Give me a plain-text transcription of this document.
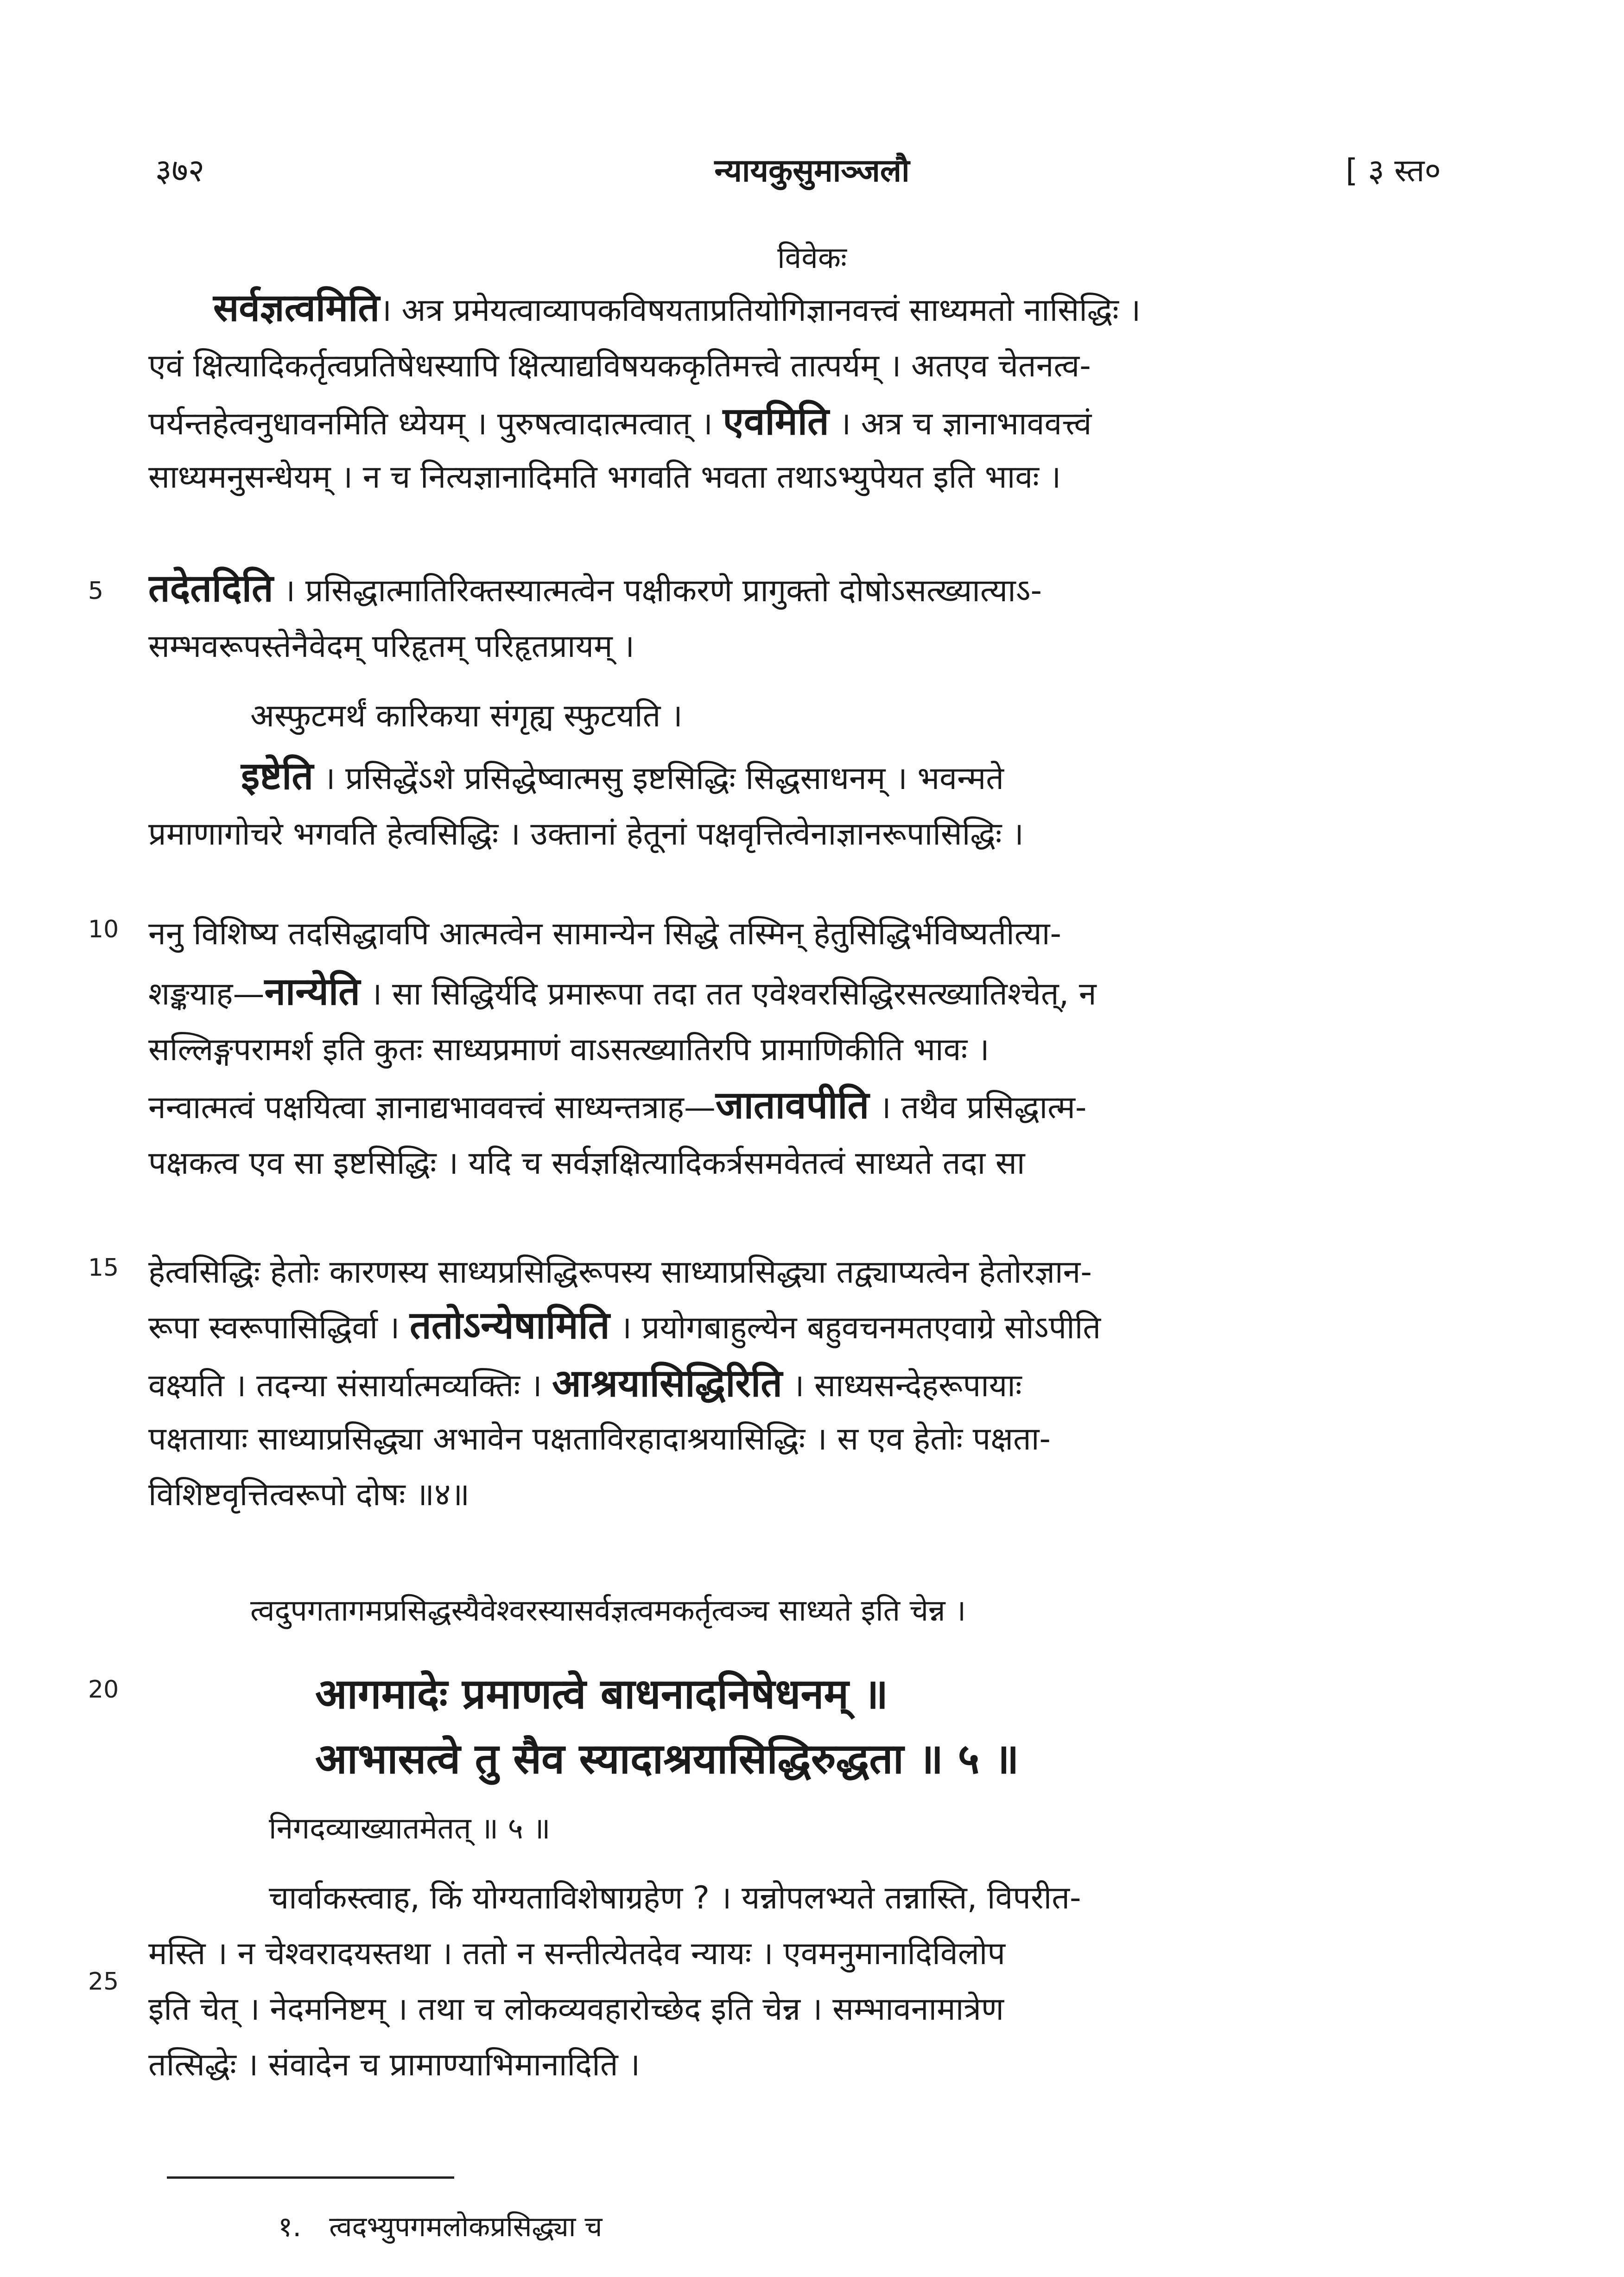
३७२	न्यायकुसुमाञ्जलौ	[ ३ स्त०
विवेकः
5
10
15
20
25
सर्वज्ञत्वमिति। अत्र प्रमेयत्वाव्यापकविषयताप्रतियोगिज्ञानवत्त्वं साध्यमतो नासिद्धिः ।
एवं क्षित्यादिकर्तृत्वप्रतिषेधस्यापि क्षित्याद्यविषयककृतिमत्त्वे तात्पर्यम् । अतएव चेतनत्व-
पर्यन्तहेत्वनुधावनमिति ध्येयम् । पुरुषत्वादात्मत्वात् । एवमिति । अत्र च ज्ञानाभाववत्त्वं
साध्यमनुसन्धेयम् । न च नित्यज्ञानादिमति भगवति भवता तथाऽभ्युपेयत इति भावः ।
तदेतदिति । प्रसिद्धात्मातिरिक्तस्यात्मत्वेन पक्षीकरणे प्रागुक्तो दोषोऽसत्ख्यात्याऽ-
सम्भवरूपस्तेनैवेदम् परिहृतम् परिहृतप्रायम् ।
अस्फुटमर्थं कारिकया संगृह्य स्फुटयति ।
इष्टेति । प्रसिद्धेंऽशे प्रसिद्धेष्वात्मसु इष्टसिद्धिः सिद्धसाधनम् । भवन्मते
प्रमाणागोचरे भगवति हेत्वसिद्धिः । उक्तानां हेतूनां पक्षवृत्तित्वेनाज्ञानरूपासिद्धिः ।
ननु विशिष्य तदसिद्धावपि आत्मत्वेन सामान्येन सिद्धे तस्मिन् हेतुसिद्धिर्भविष्यतीत्या-
शङ्कयाह—नान्येति । सा सिद्धिर्यदि प्रमारूपा तदा तत एवेश्वरसिद्धिरसत्ख्यातिश्चेत्, न
सल्लिङ्गपरामर्श इति कुतः साध्यप्रमाणं वाऽसत्ख्यातिरपि प्रामाणिकीति भावः ।
नन्वात्मत्वं पक्षयित्वा ज्ञानाद्यभाववत्त्वं साध्यन्तत्राह—जातावपीति । तथैव प्रसिद्धात्म-
पक्षकत्व एव सा इष्टसिद्धिः । यदि च सर्वज्ञक्षित्यादिकर्त्रसमवेतत्वं साध्यते तदा सा
हेत्वसिद्धिः हेतोः कारणस्य साध्यप्रसिद्धिरूपस्य साध्याप्रसिद्ध्या तद्व्याप्यत्वेन हेतोरज्ञान-
रूपा स्वरूपासिद्धिर्वा । ततोऽन्येषामिति । प्रयोगबाहुल्येन बहुवचनमतएवाग्रे सोऽपीति
वक्ष्यति । तदन्या संसार्यात्मव्यक्तिः । आश्रयासिद्धिरिति । साध्यसन्देहरूपायाः
पक्षतायाः साध्याप्रसिद्ध्या अभावेन पक्षताविरहादाश्रयासिद्धिः । स एव हेतोः पक्षता-
विशिष्टवृत्तित्वरूपो दोषः ॥४॥
त्वदुपगतागमप्रसिद्धस्यैवेश्वरस्यासर्वज्ञत्वमकर्तृत्वञ्च साध्यते इति चेन्न ।
आगमादेः प्रमाणत्वे बाधनादनिषेधनम् ॥
आभासत्वे तु सैव स्यादाश्रयासिद्धिरुद्धता ॥ ५ ॥
निगदव्याख्यातमेतत् ॥ ५ ॥
चार्वाकस्त्वाह, किं योग्यताविशेषाग्रहेण ? । यन्नोपलभ्यते तन्नास्ति, विपरीत-
मस्ति । न चेश्वरादयस्तथा । ततो न सन्तीत्येतदेव न्यायः । एवमनुमानादिविलोप
इति चेत् । नेदमनिष्टम् । तथा च लोकव्यवहारोच्छेद इति चेन्न । सम्भावनामात्रेण
तत्सिद्धेः । संवादेन च प्रामाण्याभिमानादिति ।
१. त्वदभ्युपगमलोकप्रसिद्ध्या च
